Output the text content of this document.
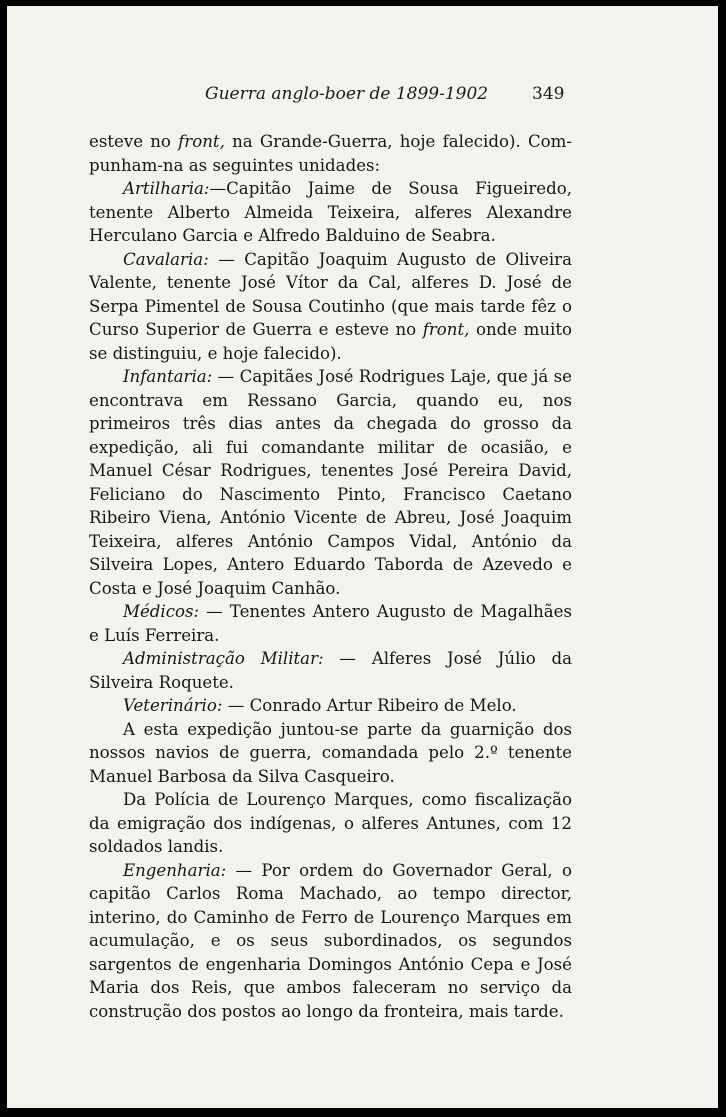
Guerra anglo-boer de 1899-1902	349

esteve no front, na Grande-Guerra, hoje falecido). Compunham-na as seguintes unidades:

Artilharia:—Capitão Jaime de Sousa Figueiredo, tenente Alberto Almeida Teixeira, alferes Alexandre Herculano Garcia e Alfredo Balduino de Seabra.

Cavalaria: — Capitão Joaquim Augusto de Oliveira Valente, tenente José Vítor da Cal, alferes D. José de Serpa Pimentel de Sousa Coutinho (que mais tarde fêz o Curso Superior de Guerra e esteve no front, onde muito se distinguiu, e hoje falecido).

Infantaria: — Capitães José Rodrigues Laje, que já se encontrava em Ressano Garcia, quando eu, nos primeiros três dias antes da chegada do grosso da expedição, ali fui comandante militar de ocasião, e Manuel César Rodrigues, tenentes José Pereira David, Feliciano do Nascimento Pinto, Francisco Caetano Ribeiro Viena, António Vicente de Abreu, José Joaquim Teixeira, alferes António Campos Vidal, António da Silveira Lopes, Antero Eduardo Taborda de Azevedo e Costa e José Joaquim Canhão.

Médicos: — Tenentes Antero Augusto de Magalhães e Luís Ferreira.

Administração Militar: — Alferes José Júlio da Silveira Roquete.

Veterinário: — Conrado Artur Ribeiro de Melo.

A esta expedição juntou-se parte da guarnição dos nossos navios de guerra, comandada pelo 2.º tenente Manuel Barbosa da Silva Casqueiro.

Da Polícia de Lourenço Marques, como fiscalização da emigração dos indígenas, o alferes Antunes, com 12 soldados landis.

Engenharia: — Por ordem do Governador Geral, o capitão Carlos Roma Machado, ao tempo director, interino, do Caminho de Ferro de Lourenço Marques em acumulação, e os seus subordinados, os segundos sargentos de engenharia Domingos António Cepa e José Maria dos Reis, que ambos faleceram no serviço da construção dos postos ao longo da fronteira, mais tarde.
